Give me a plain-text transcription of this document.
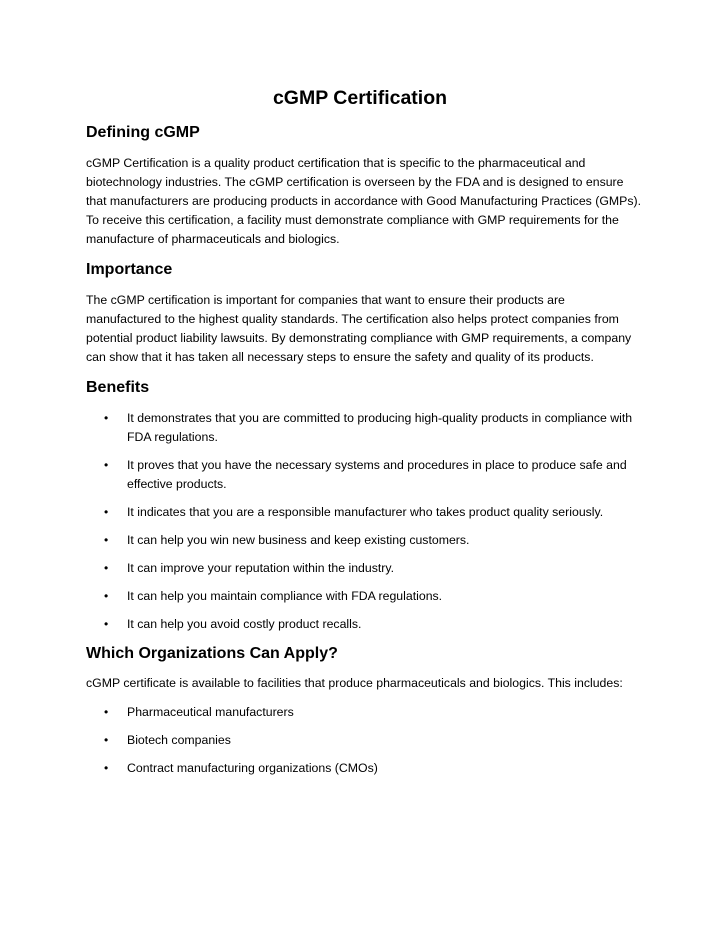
cGMP Certification
Defining cGMP

cGMP Certification is a quality product certification that is specific to the pharmaceutical and biotechnology industries. The cGMP certification is overseen by the FDA and is designed to ensure that manufacturers are producing products in accordance with Good Manufacturing Practices (GMPs). To receive this certification, a facility must demonstrate compliance with GMP requirements for the manufacture of pharmaceuticals and biologics.

Importance

The cGMP certification is important for companies that want to ensure their products are manufactured to the highest quality standards. The certification also helps protect companies from potential product liability lawsuits. By demonstrating compliance with GMP requirements, a company can show that it has taken all necessary steps to ensure the safety and quality of its products.

Benefits
• It demonstrates that you are committed to producing high-quality products in compliance with FDA regulations.
• It proves that you have the necessary systems and procedures in place to produce safe and effective products.
• It indicates that you are a responsible manufacturer who takes product quality seriously.
• It can help you win new business and keep existing customers.
• It can improve your reputation within the industry.
• It can help you maintain compliance with FDA regulations.
• It can help you avoid costly product recalls.
Which Organizations Can Apply?

cGMP certificate is available to facilities that produce pharmaceuticals and biologics. This includes:

• Pharmaceutical manufacturers
• Biotech companies
• Contract manufacturing organizations (CMOs)
